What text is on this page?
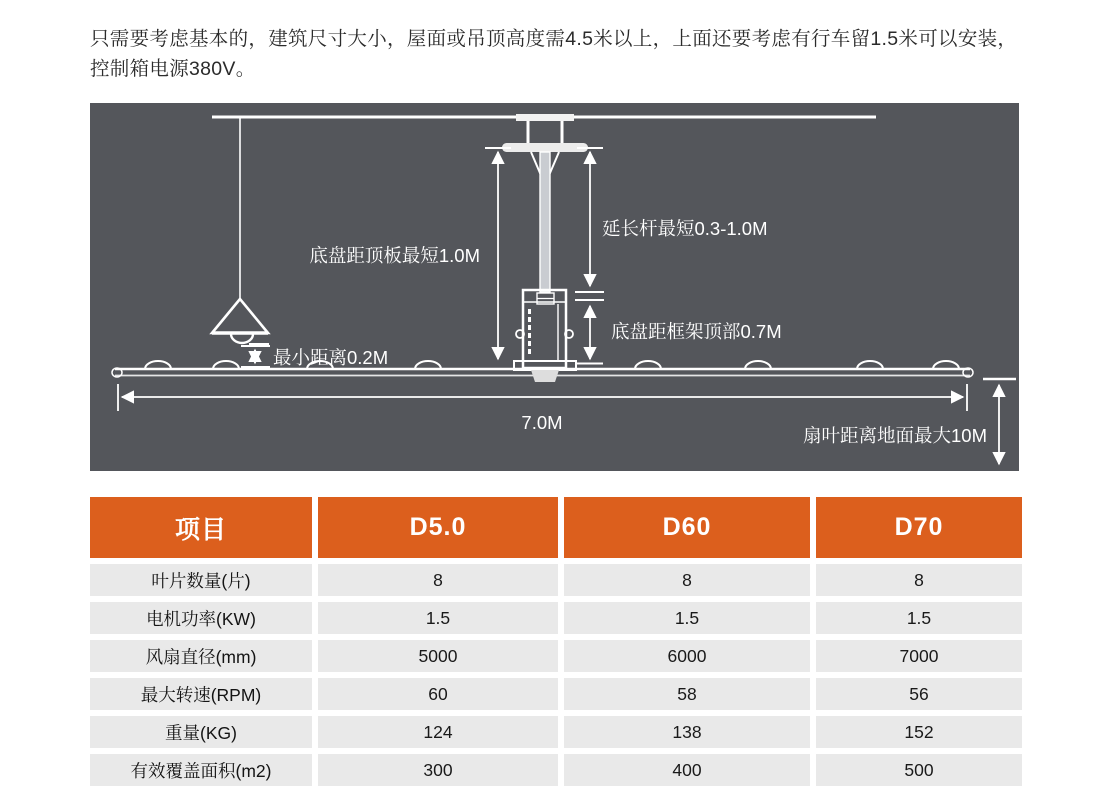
只需要考虑基本的，建筑尺寸大小，屋面或吊顶高度需4.5米以上，上面还要考虑有行车留1.5米可以安装，控制箱电源380V。
底盘距顶板最短1.0M
延长杆最短0.3-1.0M
底盘距框架顶部0.7M
最小距离0.2M
7.0M
扇叶距离地面最大10M
项目	D5.0	D60	D70
叶片数量(片)	8	8	8
电机功率(KW)	1.5	1.5	1.5
风扇直径(mm)	5000	6000	7000
最大转速(RPM)	60	58	56
重量(KG)	124	138	152
有效覆盖面积(m2)	300	400	500
